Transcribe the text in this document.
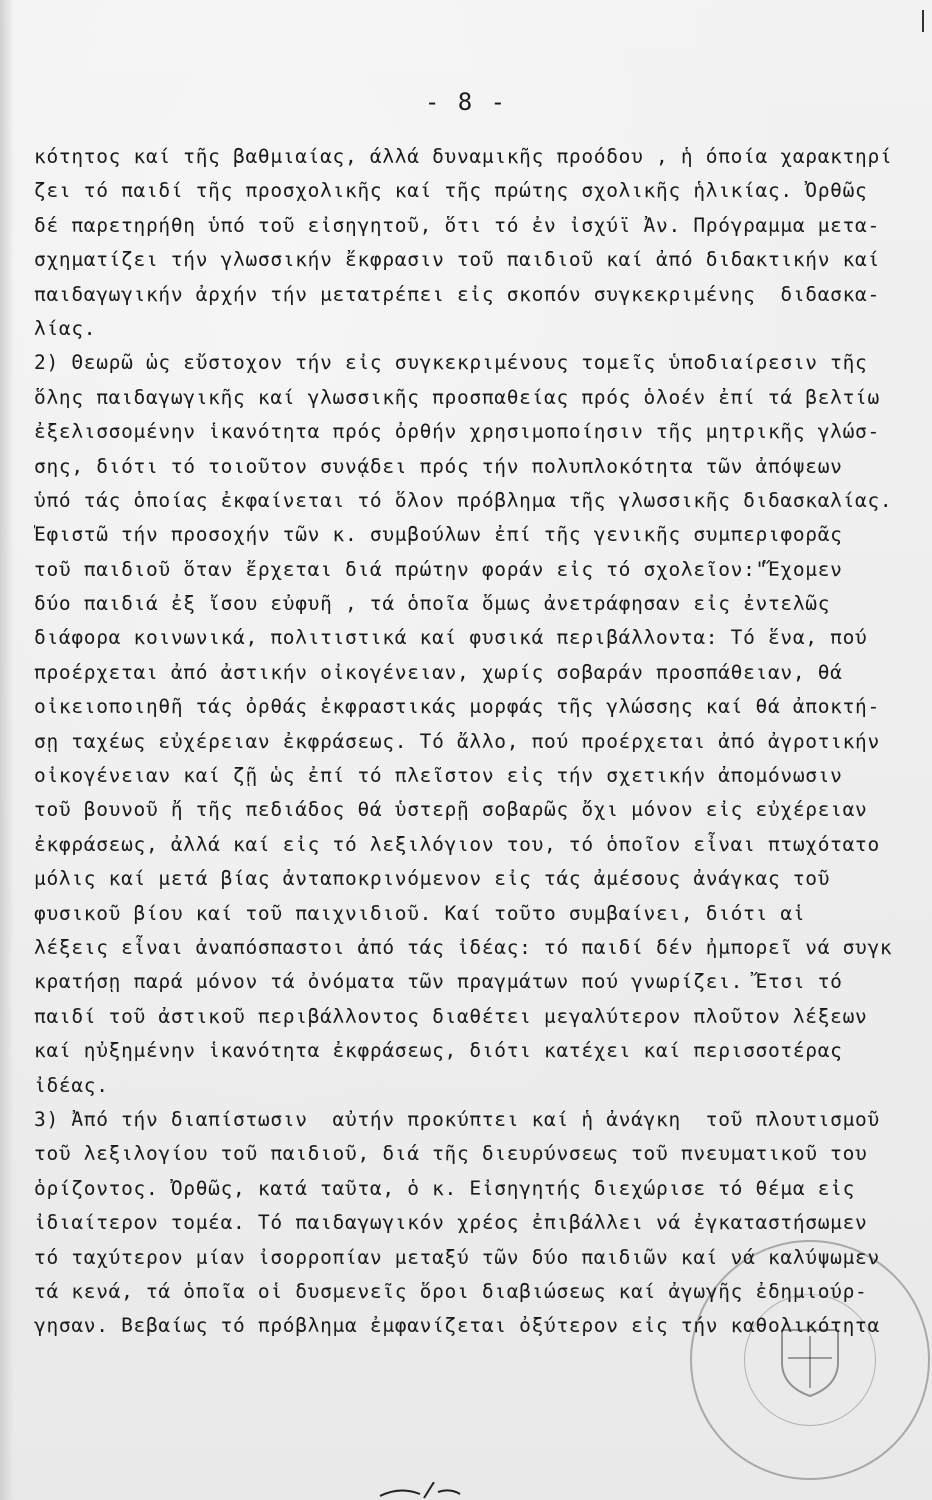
- 8 -
κότητος καί τῆς βαθμιαίας, άλλά δυναμικῆς προόδου , ἡ όποία χαρακτηρί
ζει τό παιδί τῆς προσχολικῆς καί τῆς πρώτης σχολικῆς ἡλικίας. Ὀρθῶς
δέ παρετηρήθη ὑπό τοῦ εἰσηγητοῦ, ὅτι τό ἐν ἰσχύϊ Ἀν. Πρόγραμμα μετα-
σχηματίζει τήν γλωσσικήν ἔκφρασιν τοῦ παιδιοῦ καί ἀπό διδακτικήν καί
παιδαγωγικήν ἀρχήν τήν μετατρέπει εἰς σκοπόν συγκεκριμένης  διδασκα-
λίας.
2) Θεωρῶ ὡς εὔστοχον τήν εἰς συγκεκριμένους τομεῖς ὑποδιαίρεσιν τῆς
ὅλης παιδαγωγικῆς καί γλωσσικῆς προσπαθείας πρός ὁλοέν ἐπί τά βελτίω
ἐξελισσομένην ἱκανότητα πρός ὀρθήν χρησιμοποίησιν τῆς μητρικῆς γλώσ-
σης, διότι τό τοιοῦτον συνᾴδει πρός τήν πολυπλοκότητα τῶν ἀπόψεων
ὑπό τάς ὁποίας ἐκφαίνεται τό ὅλον πρόβλημα τῆς γλωσσικῆς διδασκαλίας.
Ἐφιστῶ τήν προσοχήν τῶν κ. συμβούλων ἐπί τῆς γενικῆς συμπεριφορᾶς
τοῦ παιδιοῦ ὅταν ἔρχεται διά πρώτην φοράν εἰς τό σχολεῖον:"Ἔχομεν
δύο παιδιά ἐξ ἴσου εὐφυῆ , τά ὁποῖα ὅμως ἀνετράφησαν εἰς ἐντελῶς
διάφορα κοινωνικά, πολιτιστικά καί φυσικά περιβάλλοντα: Τό ἕνα, πού
προέρχεται ἀπό ἀστικήν οἰκογένειαν, χωρίς σοβαράν προσπάθειαν, θά
οἰκειοποιηθῆ τάς ὀρθάς ἐκφραστικάς μορφάς τῆς γλώσσης καί θά ἀποκτή-
σῃ ταχέως εὐχέρειαν ἐκφράσεως. Τό ἄλλο, πού προέρχεται ἀπό ἀγροτικήν
οἰκογένειαν καί ζῇ ὡς ἐπί τό πλεῖστον εἰς τήν σχετικήν ἀπομόνωσιν
τοῦ βουνοῦ ἤ τῆς πεδιάδος θά ὑστερῇ σοβαρῶς ὄχι μόνον εἰς εὐχέρειαν
ἐκφράσεως, ἀλλά καί εἰς τό λεξιλόγιον του, τό ὁποῖον εἶναι πτωχότατο
μόλις καί μετά βίας ἀνταποκρινόμενον εἰς τάς ἀμέσους ἀνάγκας τοῦ
φυσικοῦ βίου καί τοῦ παιχνιδιοῦ. Καί τοῦτο συμβαίνει, διότι αἱ
λέξεις εἶναι ἀναπόσπαστοι ἀπό τάς ἰδέας: τό παιδί δέν ἠμπορεῖ νά συγκ
κρατήσῃ παρά μόνον τά ὀνόματα τῶν πραγμάτων πού γνωρίζει. Ἔτσι τό
παιδί τοῦ ἀστικοῦ περιβάλλοντος διαθέτει μεγαλύτερον πλοῦτον λέξεων
καί ηὐξημένην ἱκανότητα ἐκφράσεως, διότι κατέχει καί περισσοτέρας
ἰδέας.
3) Ἀπό τήν διαπίστωσιν  αὐτήν προκύπτει καί ἡ ἀνάγκη  τοῦ πλουτισμοῦ
τοῦ λεξιλογίου τοῦ παιδιοῦ, διά τῆς διευρύνσεως τοῦ πνευματικοῦ του
ὁρίζοντος. Ὀρθῶς, κατά ταῦτα, ὁ κ. Εἰσηγητής διεχώρισε τό θέμα εἰς
ἰδιαίτερον τομέα. Τό παιδαγωγικόν χρέος ἐπιβάλλει νά ἐγκαταστήσωμεν
τό ταχύτερον μίαν ἰσορροπίαν μεταξύ τῶν δύο παιδιῶν καί νά καλύψωμεν
τά κενά, τά ὁποῖα οἱ δυσμενεῖς ὅροι διαβιώσεως καί ἀγωγῆς ἐδημιούρ-
γησαν. Βεβαίως τό πρόβλημα ἐμφανίζεται ὀξύτερον εἰς τήν καθολικότητα
